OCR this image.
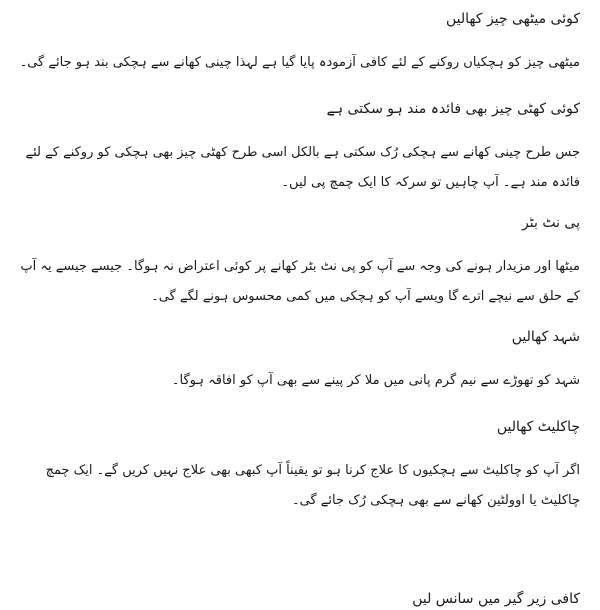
کوئی میٹھی چیز کھالیں

میٹھی چیز کو ہچکیاں روکنے کے لئے کافی آزمودہ پایا گیا ہے لہذا چینی کھانے سے ہچکی بند ہو جائے گی۔

کوئی کھٹی چیز بھی فائدہ مند ہو سکتی ہے

جس طرح چینی کھانے سے ہچکی رُک سکتی ہے بالکل اسی طرح کھٹی چیز بھی ہچکی کو روکنے کے لئے فائدہ مند ہے۔ آپ چاہیں تو سرکہ کا ایک چمچ پی لیں۔

پی نٹ بٹر

میٹھا اور مزیدار ہونے کی وجہ سے آپ کو پی نٹ بٹر کھانے پر کوئی اعتراض نہ ہوگا۔ جیسے جیسے یہ آپ کے حلق سے نیچے اترے گا ویسے آپ کو ہچکی میں کمی محسوس ہونے لگے گی۔

شہد کھالیں

شہد کو تھوڑے سے نیم گرم پانی میں ملا کر پینے سے بھی آپ کو افاقہ ہوگا۔

چاکلیٹ کھالیں

اگر آپ کو چاکلیٹ سے ہچکیوں کا علاج کرنا ہو تو یقیناً آپ کبھی بھی علاج نہیں کریں گے۔ ایک چمچ چاکلیٹ یا اوولٹین کھانے سے بھی ہچکی رُک جائے گی۔

کافی زیر گیر میں سانس لیں
